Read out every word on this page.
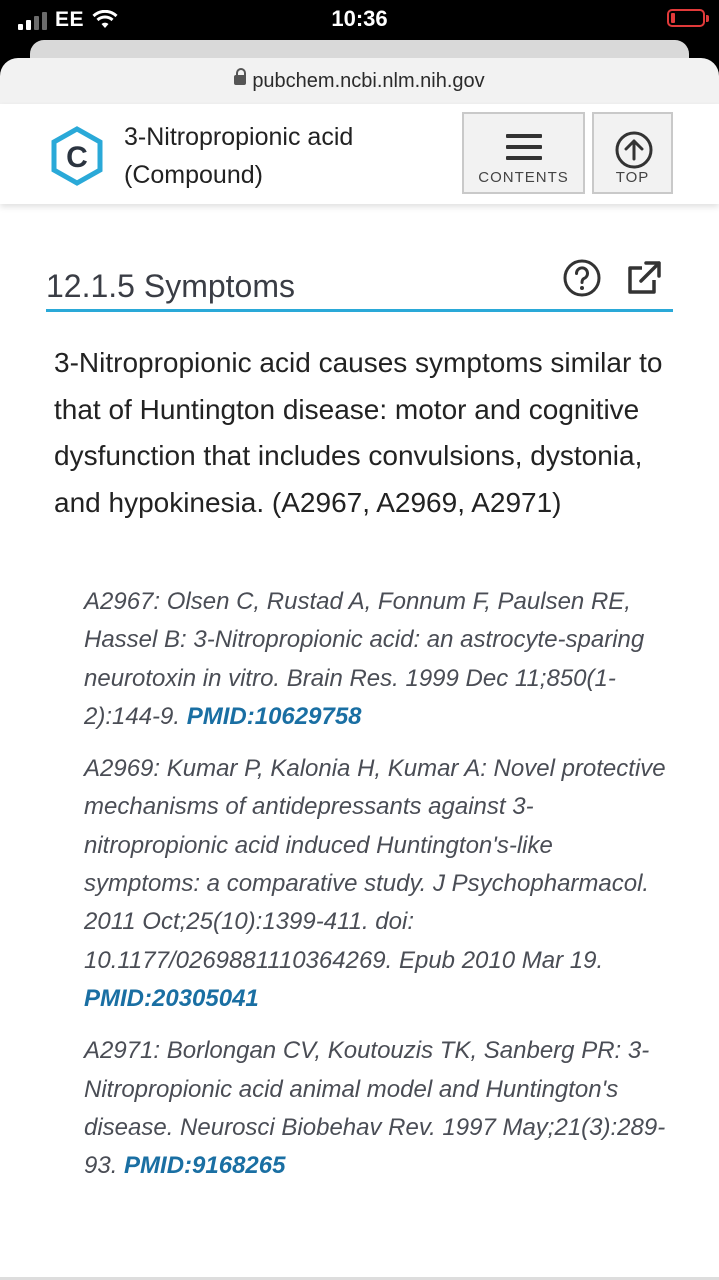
EE	10:36
pubchem.ncbi.nlm.nih.gov
C
3-Nitropropionic acid
(Compound)	CONTENTS	TOP
12.1.5 Symptoms
3-Nitropropionic acid causes symptoms similar to that of Huntington disease: motor and cognitive dysfunction that includes convulsions, dystonia, and hypokinesia. (A2967, A2969, A2971)

A2967: Olsen C, Rustad A, Fonnum F, Paulsen RE, Hassel B: 3-Nitropropionic acid: an astrocyte-sparing neurotoxin in vitro. Brain Res. 1999 Dec 11;850(1-2):144-9. PMID:10629758

A2969: Kumar P, Kalonia H, Kumar A: Novel protective mechanisms of antidepressants against 3-nitropropionic acid induced Huntington's-like symptoms: a comparative study. J Psychopharmacol. 2011 Oct;25(10):1399-411. doi: 10.1177/0269881110364269. Epub 2010 Mar 19. PMID:20305041

A2971: Borlongan CV, Koutouzis TK, Sanberg PR: 3-Nitropropionic acid animal model and Huntington's disease. Neurosci Biobehav Rev. 1997 May;21(3):289-93. PMID:9168265
